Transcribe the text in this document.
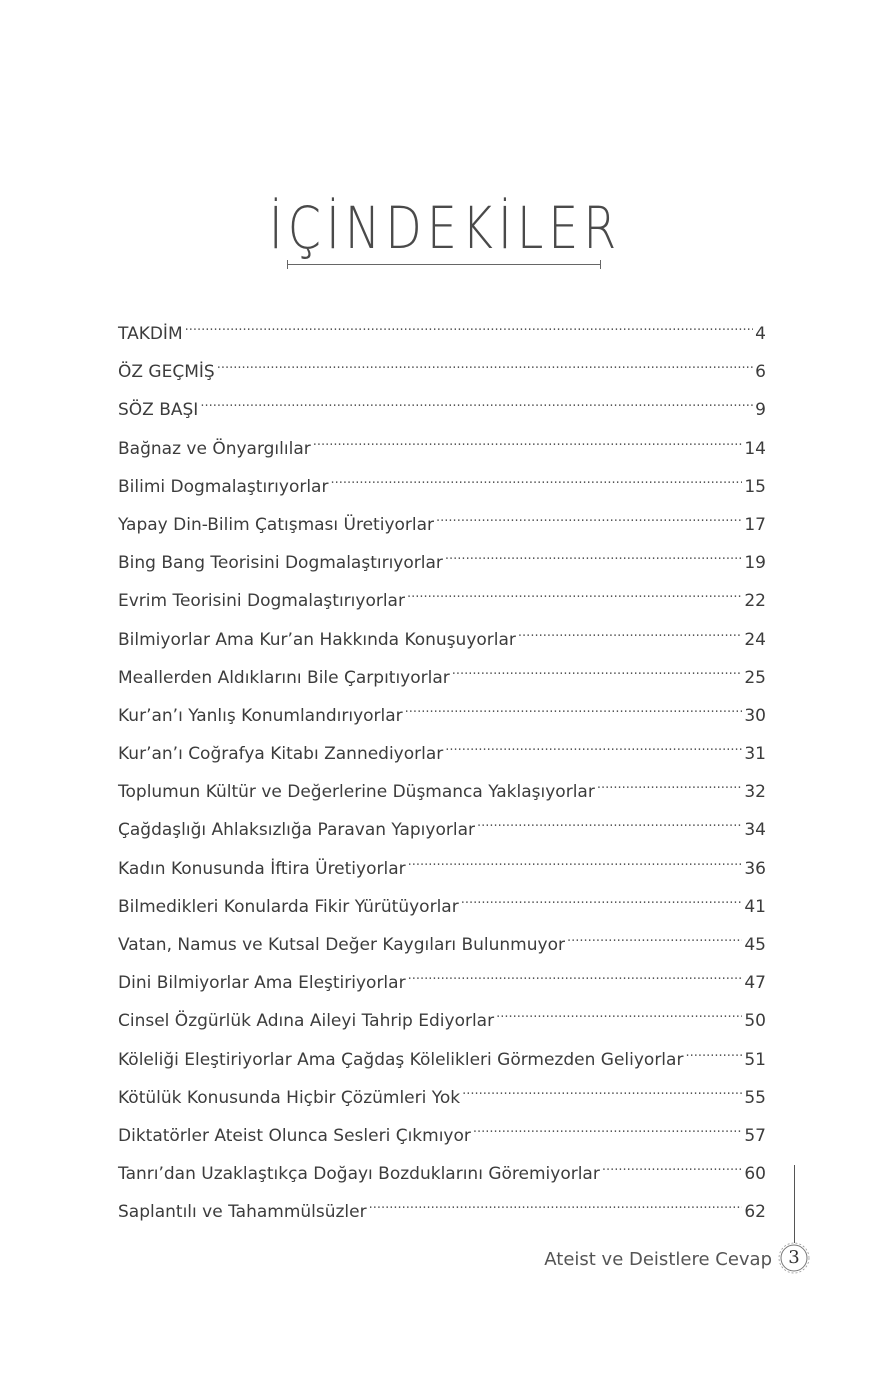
İÇİNDEKİLER
TAKDİM .....	4
ÖZ GEÇMİŞ .....	6
SÖZ BAŞI .....	9
Bağnaz ve Önyargılılar .....	14
Bilimi Dogmalaştırıyorlar .....	15
Yapay Din-Bilim Çatışması Üretiyorlar .....	17
Bing Bang Teorisini Dogmalaştırıyorlar .....	19
Evrim Teorisini Dogmalaştırıyorlar .....	22
Bilmiyorlar Ama Kur’an Hakkında Konuşuyorlar .....	24
Meallerden Aldıklarını Bile Çarpıtıyorlar .....	25
Kur’an’ı Yanlış Konumlandırıyorlar .....	30
Kur’an’ı Coğrafya Kitabı Zannediyorlar .....	31
Toplumun Kültür ve Değerlerine Düşmanca Yaklaşıyorlar .....	32
Çağdaşlığı Ahlaksızlığa Paravan Yapıyorlar .....	34
Kadın Konusunda İftira Üretiyorlar .....	36
Bilmedikleri Konularda Fikir Yürütüyorlar .....	41
Vatan, Namus ve Kutsal Değer Kaygıları Bulunmuyor .....	45
Dini Bilmiyorlar Ama Eleştiriyorlar .....	47
Cinsel Özgürlük Adına Aileyi Tahrip Ediyorlar .....	50
Köleliği Eleştiriyorlar Ama Çağdaş Kölelikleri Görmezden Geliyorlar .....	51
Kötülük Konusunda Hiçbir Çözümleri Yok .....	55
Diktatörler Ateist Olunca Sesleri Çıkmıyor .....	57
Tanrı’dan Uzaklaştıkça Doğayı Bozduklarını Göremiyorlar .....	60
Saplantılı ve Tahammülsüzler .....	62
Ateist ve Deistlere Cevap 3
